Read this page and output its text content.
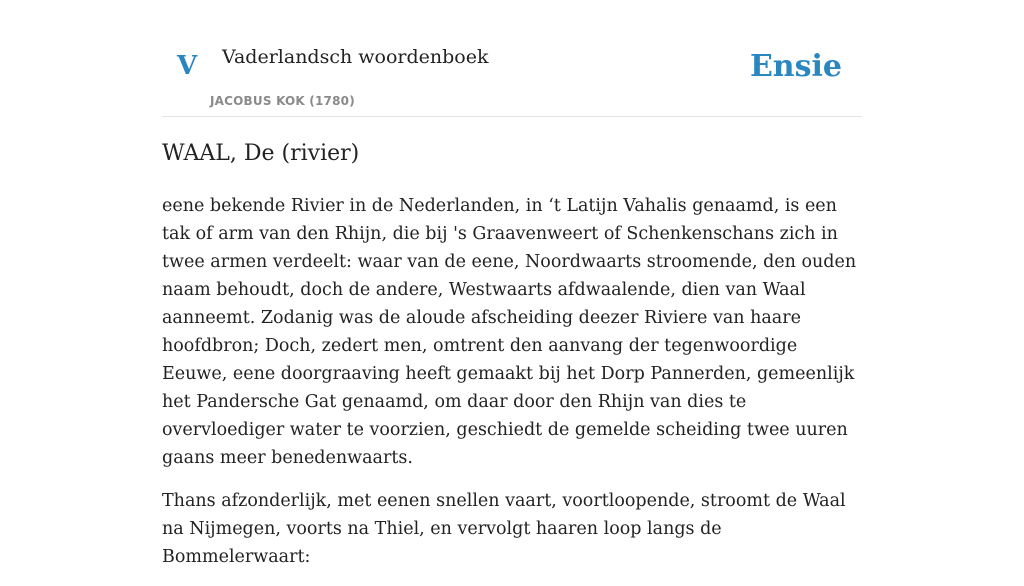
V Vaderlandsch woordenboek
JACOBUS KOK (1780)
Ensie
WAAL, De (rivier)

eene bekende Rivier in de Nederlanden, in ‘t Latijn Vahalis genaamd, is een tak of arm van den Rhijn, die bij 's Graavenweert of Schenkenschans zich in twee armen verdeelt: waar van de eene, Noordwaarts stroomende, den ouden naam behoudt, doch de andere, Westwaarts afdwaalende, dien van Waal aanneemt. Zodanig was de aloude afscheiding deezer Riviere van haare hoofdbron; Doch, zedert men, omtrent den aanvang der tegenwoordige Eeuwe, eene doorgraaving heeft gemaakt bij het Dorp Pannerden, gemeenlijk het Pandersche Gat genaamd, om daar door den Rhijn van dies te overvloediger water te voorzien, geschiedt de gemelde scheiding twee uuren gaans meer benedenwaarts.

Thans afzonderlijk, met eenen snellen vaart, voortloopende, stroomt de Waal na Nijmegen, voorts na Thiel, en vervolgt haaren loop langs de Bommelerwaart:
